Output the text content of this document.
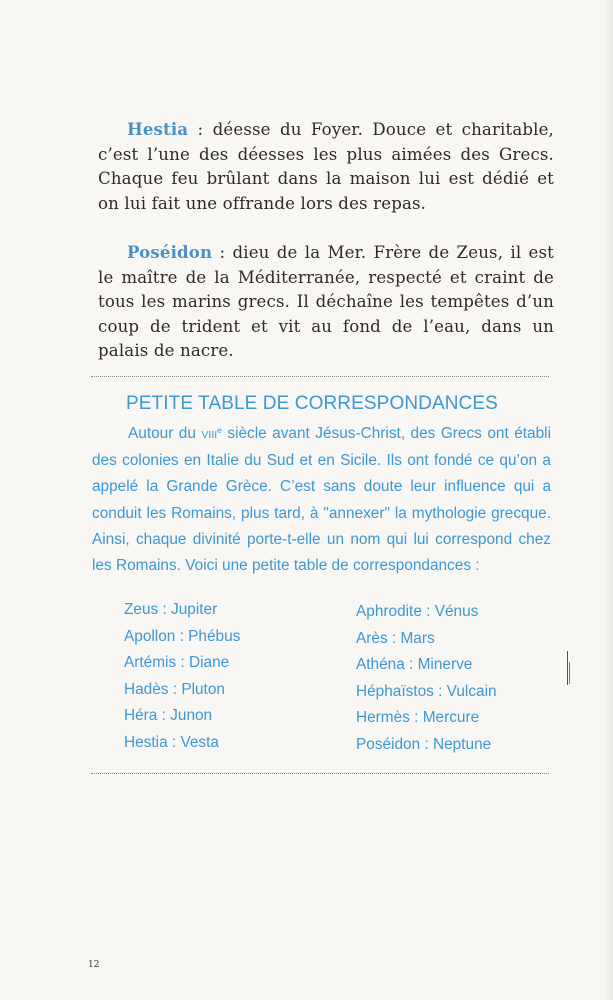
Hestia : déesse du Foyer. Douce et charitable, c’est l’une des déesses les plus aimées des Grecs. Chaque feu brûlant dans la maison lui est dédié et on lui fait une offrande lors des repas.

Poséidon : dieu de la Mer. Frère de Zeus, il est le maître de la Méditerranée, respecté et craint de tous les marins grecs. Il déchaîne les tempêtes d’un coup de trident et vit au fond de l’eau, dans un palais de nacre.

PETITE TABLE DE CORRESPONDANCES

Autour du VIIIe siècle avant Jésus-Christ, des Grecs ont établi des colonies en Italie du Sud et en Sicile. Ils ont fondé ce qu’on a appelé la Grande Grèce. C’est sans doute leur influence qui a conduit les Romains, plus tard, à "annexer" la mythologie grecque. Ainsi, chaque divinité porte-t-elle un nom qui lui correspond chez les Romains. Voici une petite table de correspondances :

Zeus : Jupiter
Apollon : Phébus
Artémis : Diane
Hadès : Pluton
Héra : Junon
Hestia : Vesta
Aphrodite : Vénus
Arès : Mars
Athéna : Minerve
Héphaïstos : Vulcain
Hermès : Mercure
Poséidon : Neptune
12
